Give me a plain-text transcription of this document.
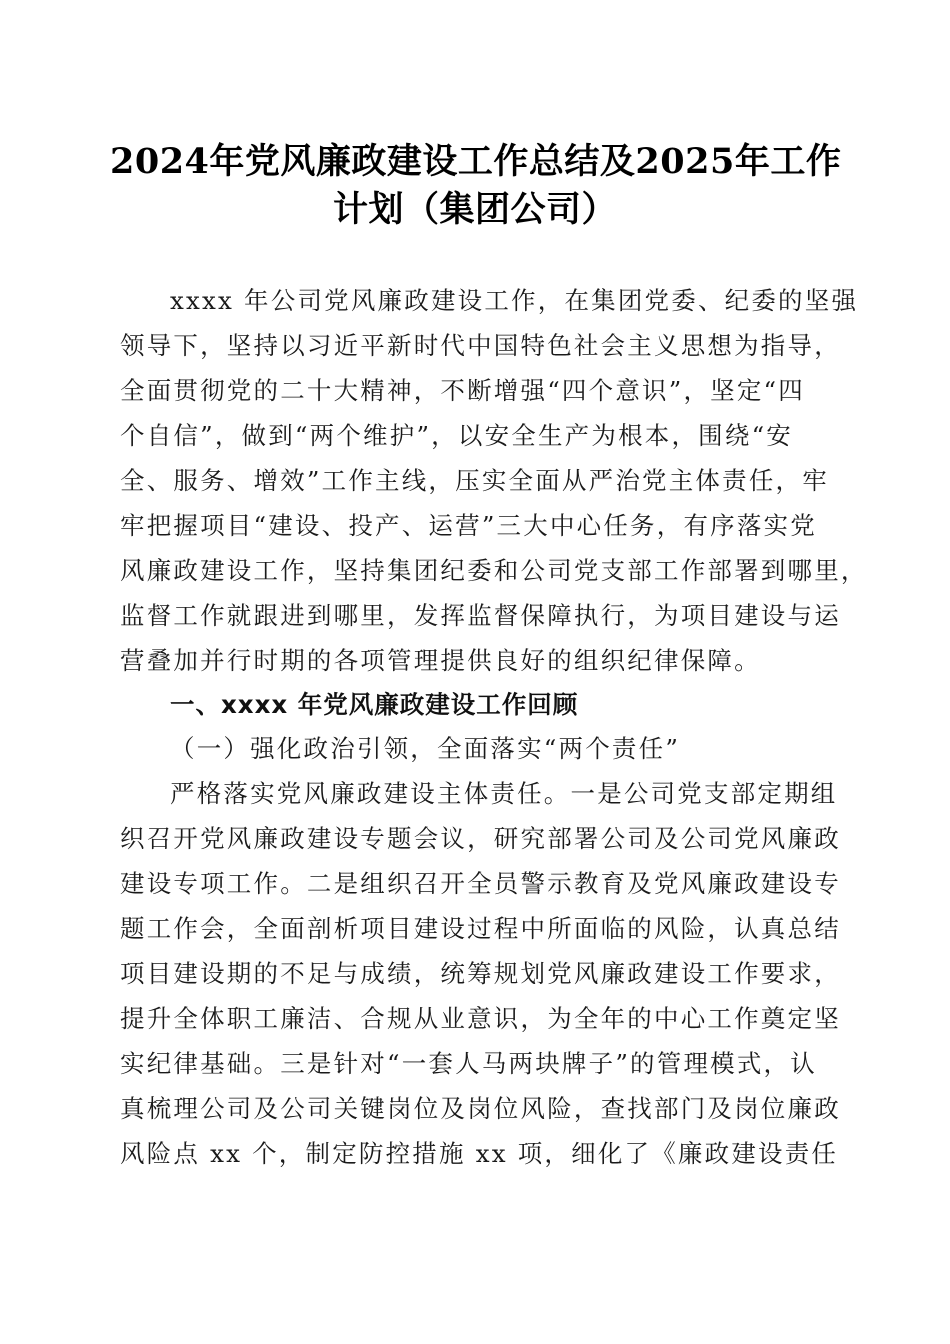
2024年党风廉政建设工作总结及2025年工作
计划（集团公司）
xxxx 年公司党风廉政建设工作，在集团党委、纪委的坚强
领导下，坚持以习近平新时代中国特色社会主义思想为指导，
全面贯彻党的二十大精神，不断增强“四个意识”，坚定“四
个自信”，做到“两个维护”，以安全生产为根本，围绕“安
全、服务、增效”工作主线，压实全面从严治党主体责任，牢
牢把握项目“建设、投产、运营”三大中心任务，有序落实党
风廉政建设工作，坚持集团纪委和公司党支部工作部署到哪里，
监督工作就跟进到哪里，发挥监督保障执行，为项目建设与运
营叠加并行时期的各项管理提供良好的组织纪律保障。
一、xxxx 年党风廉政建设工作回顾
（一）强化政治引领，全面落实“两个责任”
严格落实党风廉政建设主体责任。一是公司党支部定期组
织召开党风廉政建设专题会议，研究部署公司及公司党风廉政
建设专项工作。二是组织召开全员警示教育及党风廉政建设专
题工作会，全面剖析项目建设过程中所面临的风险，认真总结
项目建设期的不足与成绩，统筹规划党风廉政建设工作要求，
提升全体职工廉洁、合规从业意识，为全年的中心工作奠定坚
实纪律基础。三是针对“一套人马两块牌子”的管理模式，认
真梳理公司及公司关键岗位及岗位风险，查找部门及岗位廉政
风险点 xx 个，制定防控措施 xx 项，细化了《廉政建设责任
